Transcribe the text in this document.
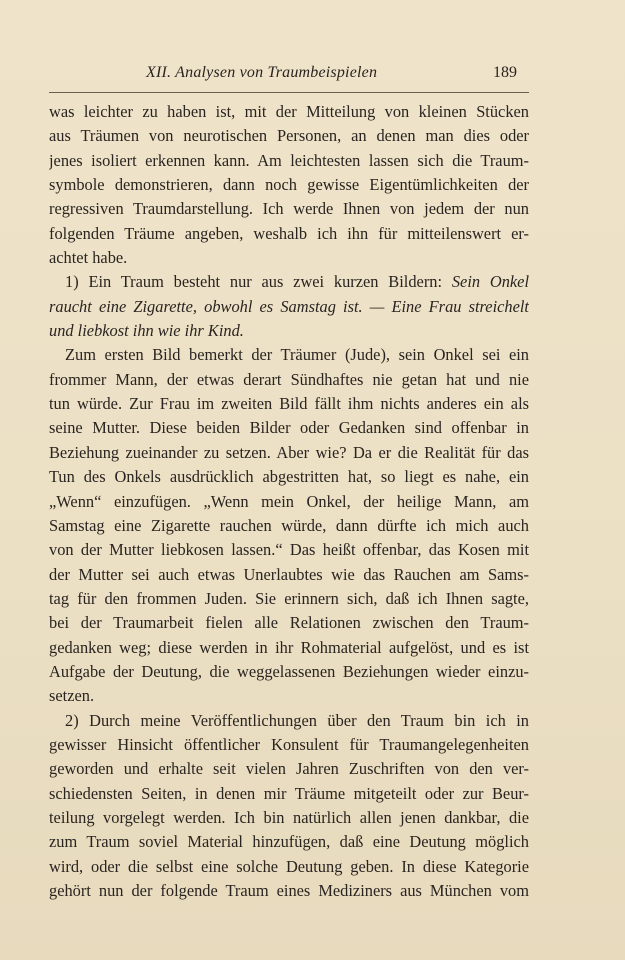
XII. Analysen von Traumbeispielen	189
was leichter zu haben ist, mit der Mitteilung von kleinen Stücken
aus Träumen von neurotischen Personen, an denen man dies oder
jenes isoliert erkennen kann. Am leichtesten lassen sich die Traum-
symbole demonstrieren, dann noch gewisse Eigentümlichkeiten der
regressiven Traumdarstellung. Ich werde Ihnen von jedem der nun
folgenden Träume angeben, weshalb ich ihn für mitteilenswert er-
achtet habe.
1) Ein Traum besteht nur aus zwei kurzen Bildern: Sein Onkel
raucht eine Zigarette, obwohl es Samstag ist. — Eine Frau streichelt
und liebkost ihn wie ihr Kind.
Zum ersten Bild bemerkt der Träumer (Jude), sein Onkel sei ein
frommer Mann, der etwas derart Sündhaftes nie getan hat und nie
tun würde. Zur Frau im zweiten Bild fällt ihm nichts anderes ein als
seine Mutter. Diese beiden Bilder oder Gedanken sind offenbar in
Beziehung zueinander zu setzen. Aber wie? Da er die Realität für das
Tun des Onkels ausdrücklich abgestritten hat, so liegt es nahe, ein
„Wenn“ einzufügen. „Wenn mein Onkel, der heilige Mann, am
Samstag eine Zigarette rauchen würde, dann dürfte ich mich auch
von der Mutter liebkosen lassen.“ Das heißt offenbar, das Kosen mit
der Mutter sei auch etwas Unerlaubtes wie das Rauchen am Sams-
tag für den frommen Juden. Sie erinnern sich, daß ich Ihnen sagte,
bei der Traumarbeit fielen alle Relationen zwischen den Traum-
gedanken weg; diese werden in ihr Rohmaterial aufgelöst, und es ist
Aufgabe der Deutung, die weggelassenen Beziehungen wieder einzu-
setzen.
2) Durch meine Veröffentlichungen über den Traum bin ich in
gewisser Hinsicht öffentlicher Konsulent für Traumangelegenheiten
geworden und erhalte seit vielen Jahren Zuschriften von den ver-
schiedensten Seiten, in denen mir Träume mitgeteilt oder zur Beur-
teilung vorgelegt werden. Ich bin natürlich allen jenen dankbar, die
zum Traum soviel Material hinzufügen, daß eine Deutung möglich
wird, oder die selbst eine solche Deutung geben. In diese Kategorie
gehört nun der folgende Traum eines Mediziners aus München vom
